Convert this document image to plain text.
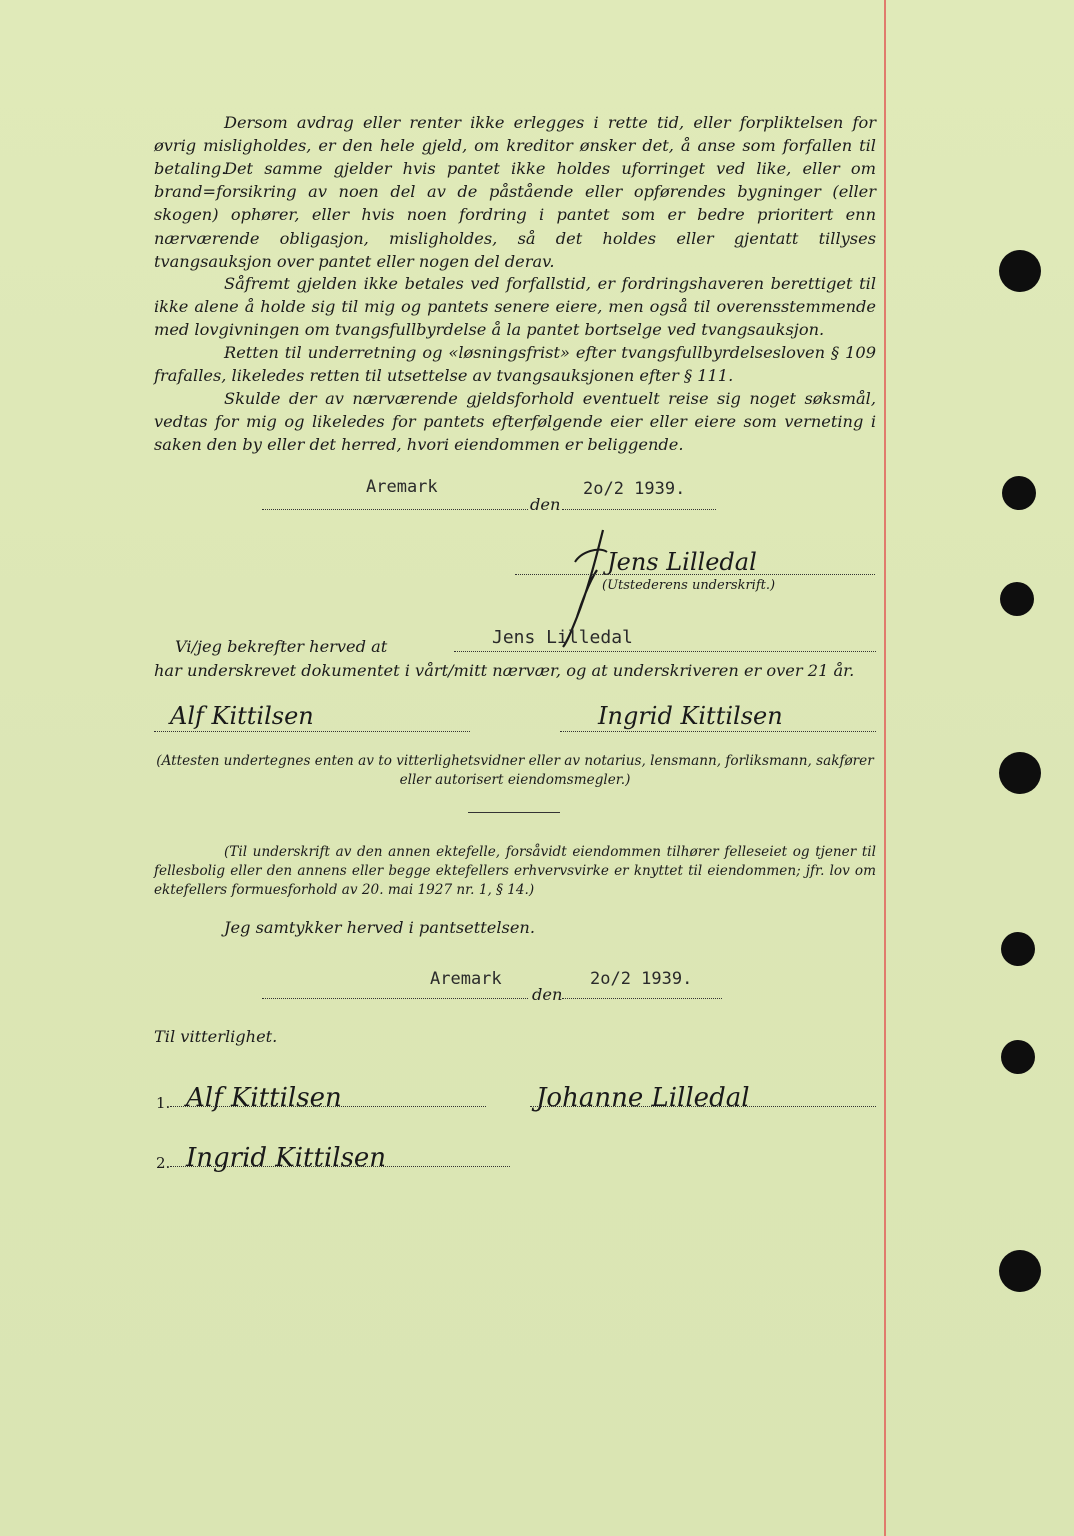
Dersom avdrag eller renter ikke erlegges i rette tid, eller forpliktelsen for øvrig misligholdes, er den hele gjeld, om kreditor ønsker det, å anse som forfallen til betaling.

Det samme gjelder hvis pantet ikke holdes uforringet ved like, eller om brand=forsikring av noen del av de påstående eller opførendes bygninger (eller skogen) ophører, eller hvis noen fordring i pantet som er bedre prioritert enn nærværende obligasjon, misligholdes, så det holdes eller gjentatt tillyses tvangsauksjon over pantet eller nogen del derav.

Såfremt gjelden ikke betales ved forfallstid, er fordringshaveren berettiget til ikke alene å holde sig til mig og pantets senere eiere, men også til overensstemmende med lovgivningen om tvangsfullbyrdelse å la pantet bortselge ved tvangsauksjon.

Retten til underretning og «løsningsfrist» efter tvangsfullbyrdelsesloven § 109 frafalles, likeledes retten til utsettelse av tvangsauksjonen efter § 111.

Skulde der av nærværende gjeldsforhold eventuelt reise sig noget søksmål, vedtas for mig og likeledes for pantets efterfølgende eier eller eiere som verneting i saken den by eller det herred, hvori eiendommen er beliggende.

Aremark	2o/2 1939.
den
Jens Lilledal
(Utstederens underskrift.)
Vi/jeg bekrefter herved at	Jens Lilledal
har underskrevet dokumentet i vårt/mitt nærvær, og at underskriveren er over 21 år.
Alf Kittilsen	Ingrid Kittilsen

(Attesten undertegnes enten av to vitterlighetsvidner eller av notarius, lensmann, forliksmann, sakfører eller autorisert eiendomsmegler.)

(Til underskrift av den annen ektefelle, forsåvidt eiendommen tilhører felleseiet og tjener til fellesbolig eller den annens eller begge ektefellers erhvervsvirke er knyttet til eiendommen; jfr. lov om ektefellers formuesforhold av 20. mai 1927 nr. 1, § 14.)

Jeg samtykker herved i pantsettelsen.
Aremark	2o/2 1939.
den
Til vitterlighet.
1. Alf Kittilsen	Johanne Lilledal
2. Ingrid Kittilsen
